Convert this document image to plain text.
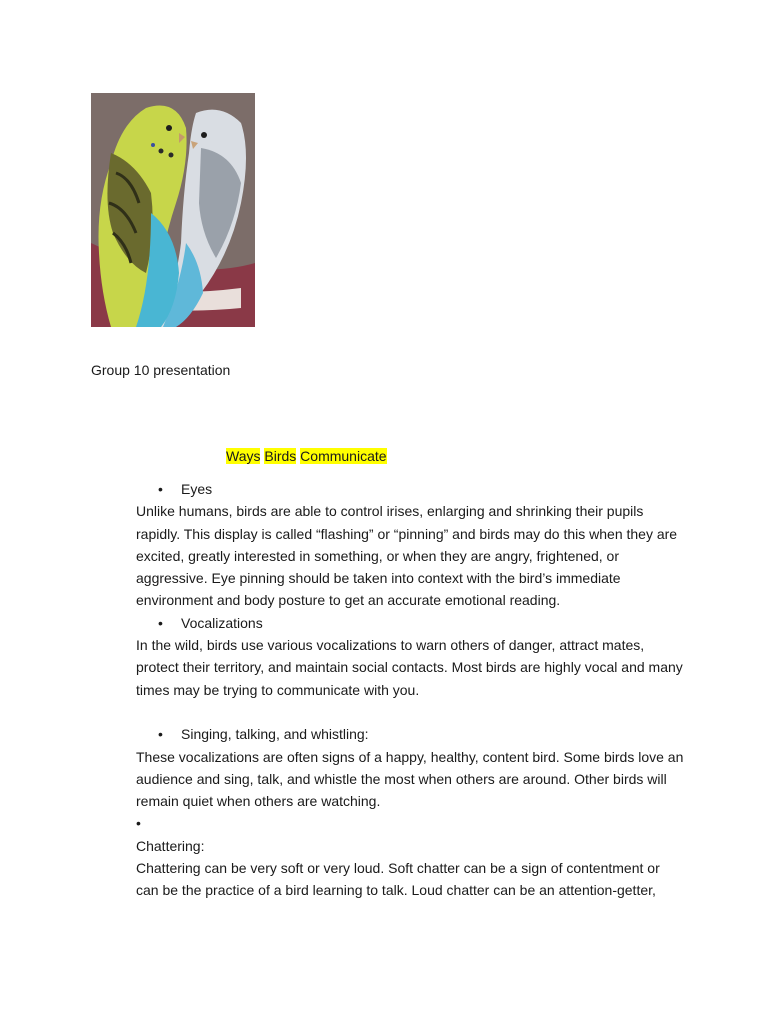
Group 10 presentation
Ways Birds Communicate
• Eyes

Unlike humans, birds are able to control irises, enlarging and shrinking their pupils rapidly. This display is called “flashing” or “pinning” and birds may do this when they are excited, greatly interested in something, or when they are angry, frightened, or aggressive. Eye pinning should be taken into context with the bird’s immediate environment and body posture to get an accurate emotional reading.

• Vocalizations

In the wild, birds use various vocalizations to warn others of danger, attract mates, protect their territory, and maintain social contacts. Most birds are highly vocal and many times may be trying to communicate with you.

• Singing, talking, and whistling:

These vocalizations are often signs of a happy, healthy, content bird. Some birds love an audience and sing, talk, and whistle the most when others are around. Other birds will remain quiet when others are watching.

•
Chattering:

Chattering can be very soft or very loud. Soft chatter can be a sign of contentment or can be the practice of a bird learning to talk. Loud chatter can be an attention-getter,
